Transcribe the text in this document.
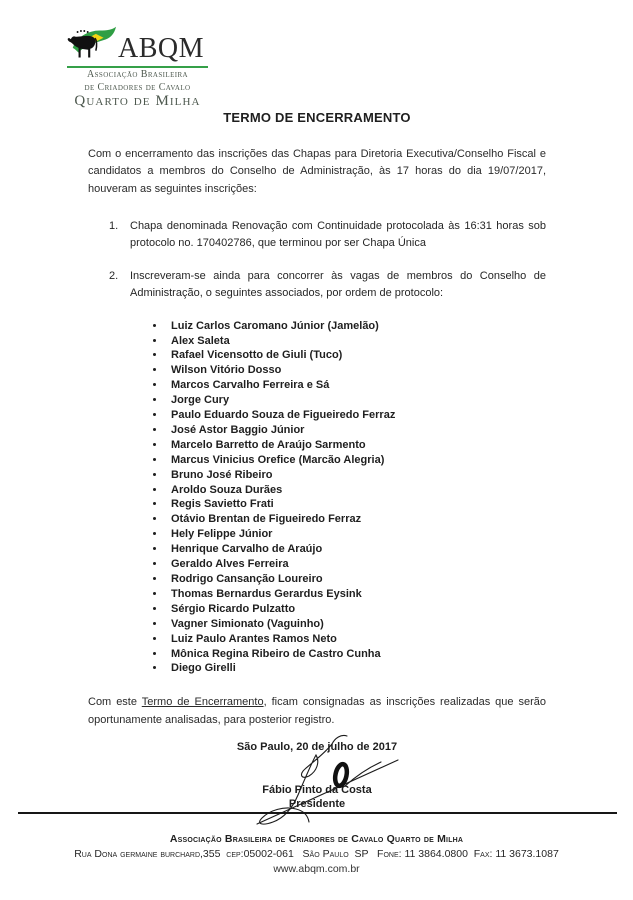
ABQM
Associação Brasileira
de Criadores de Cavalo
Quarto de Milha
TERMO DE ENCERRAMENTO

Com o encerramento das inscrições das Chapas para Diretoria Executiva/Conselho Fiscal e candidatos a membros do Conselho de Administração, às 17 horas do dia 19/07/2017, houveram as seguintes inscrições:

1.	Chapa denominada Renovação com Continuidade protocolada às 16:31 horas sob protocolo no. 170402786, que terminou por ser Chapa Única
2.	Inscreveram-se ainda para concorrer às vagas de membros do Conselho de Administração, o seguintes associados, por ordem de protocolo:
• Luiz Carlos Caromano Júnior (Jamelão)
• Alex Saleta
• Rafael Vicensotto de Giuli (Tuco)
• Wilson Vitório Dosso
• Marcos Carvalho Ferreira e Sá
• Jorge Cury
• Paulo Eduardo Souza de Figueiredo Ferraz
• José Astor Baggio Júnior
• Marcelo Barretto de Araújo Sarmento
• Marcus Vinicius Orefice (Marcão Alegria)
• Bruno José Ribeiro
• Aroldo Souza Durães
• Regis Savietto Frati
• Otávio Brentan de Figueiredo Ferraz
• Hely Felippe Júnior
• Henrique Carvalho de Araújo
• Geraldo Alves Ferreira
• Rodrigo Cansanção Loureiro
• Thomas Bernardus Gerardus Eysink
• Sérgio Ricardo Pulzatto
• Vagner Simionato (Vaguinho)
• Luiz Paulo Arantes Ramos Neto
• Mônica Regina Ribeiro de Castro Cunha
• Diego Girelli

Com este Termo de Encerramento, ficam consignadas as inscrições realizadas que serão oportunamente analisadas, para posterior registro.

São Paulo, 20 de julho de 2017

Fábio Pinto da Costa

Presidente

Associação Brasileira de Criadores de Cavalo Quarto de Milha
Rua Dona germaine burchard,355  cep:05002-061   São Paulo  SP   Fone: 11 3864.0800  Fax: 11 3673.1087
www.abqm.com.br
